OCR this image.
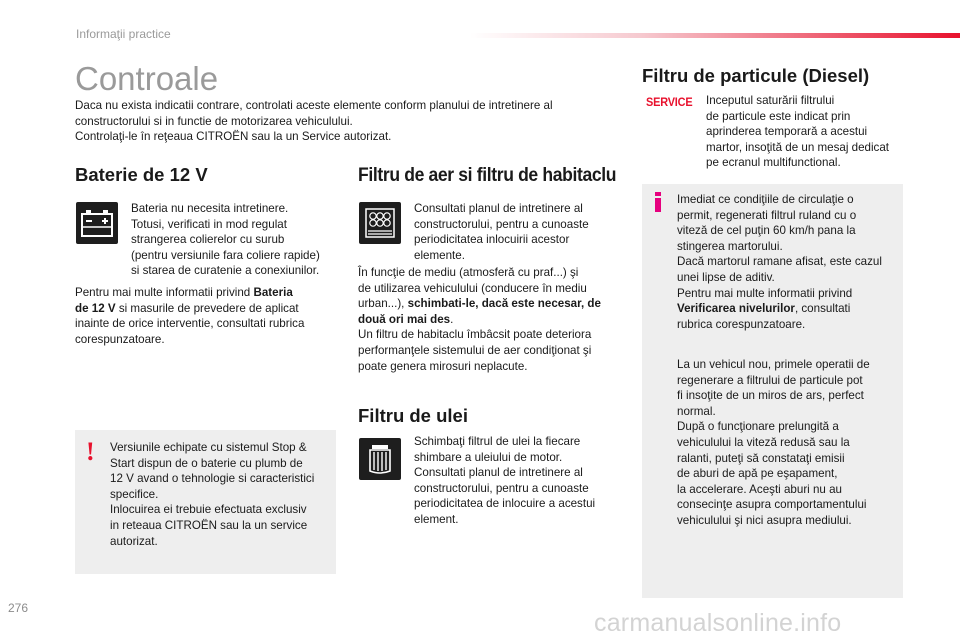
Informaţii practice
Controale
Daca nu exista indicatii contrare, controlati aceste elemente conform planului de intretinere al
constructorului si in functie de motorizarea vehiculului.
Controlaţi-le în reţeaua CITROËN sau la un Service autorizat.
Baterie de 12 V
Bateria nu necesita intretinere.
Totusi, verificati in mod regulat
strangerea colierelor cu surub
(pentru versiunile fara coliere rapide)
si starea de curatenie a conexiunilor.
Pentru mai multe informatii privind Bateria
de 12 V si masurile de prevedere de aplicat
inainte de orice interventie, consultati rubrica
corespunzatoare.
! Versiunile echipate cu sistemul Stop &
Start dispun de o baterie cu plumb de
12 V avand o tehnologie si caracteristici
specifice.
Inlocuirea ei trebuie efectuata exclusiv
in reteaua CITROËN sau la un service
autorizat.
Filtru de aer si filtru de habitaclu
Consultati planul de intretinere al
constructorului, pentru a cunoaste
periodicitatea inlocuirii acestor
elemente.
În funcţie de mediu (atmosferă cu praf...) şi
de utilizarea vehiculului (conducere în mediu
urban...), schimbati-le, dacă este necesar, de
două ori mai des.
Un filtru de habitaclu îmbâcsit poate deteriora
performanţele sistemului de aer condiţionat şi
poate genera mirosuri neplacute.
Filtru de ulei
Schimbaţi filtrul de ulei la fiecare
shimbare a uleiului de motor.
Consultati planul de intretinere al
constructorului, pentru a cunoaste
periodicitatea de inlocuire a acestui
element.
Filtru de particule (Diesel)
SERVICE Inceputul saturării filtrului
de particule este indicat prin
aprinderea temporară a acestui
martor, insoţită de un mesaj dedicat
pe ecranul multifunctional.
Imediat ce condiţiile de circulaţie o
permit, regenerati filtrul ruland cu o
viteză de cel puţin 60 km/h pana la
stingerea martorului.
Dacă martorul ramane afisat, este cazul
unei lipse de aditiv.
Pentru mai multe informatii privind
Verificarea nivelurilor, consultati
rubrica corespunzatoare.
La un vehicul nou, primele operatii de
regenerare a filtrului de particule pot
fi insoţite de un miros de ars, perfect
normal.
După o funcţionare prelungită a
vehiculului la viteză redusă sau la
ralanti, puteţi să constataţi emisii
de aburi de apă pe eşapament,
la accelerare. Aceşti aburi nu au
consecinţe asupra comportamentului
vehiculului şi nici asupra mediului.
276
carmanualsonline.info
